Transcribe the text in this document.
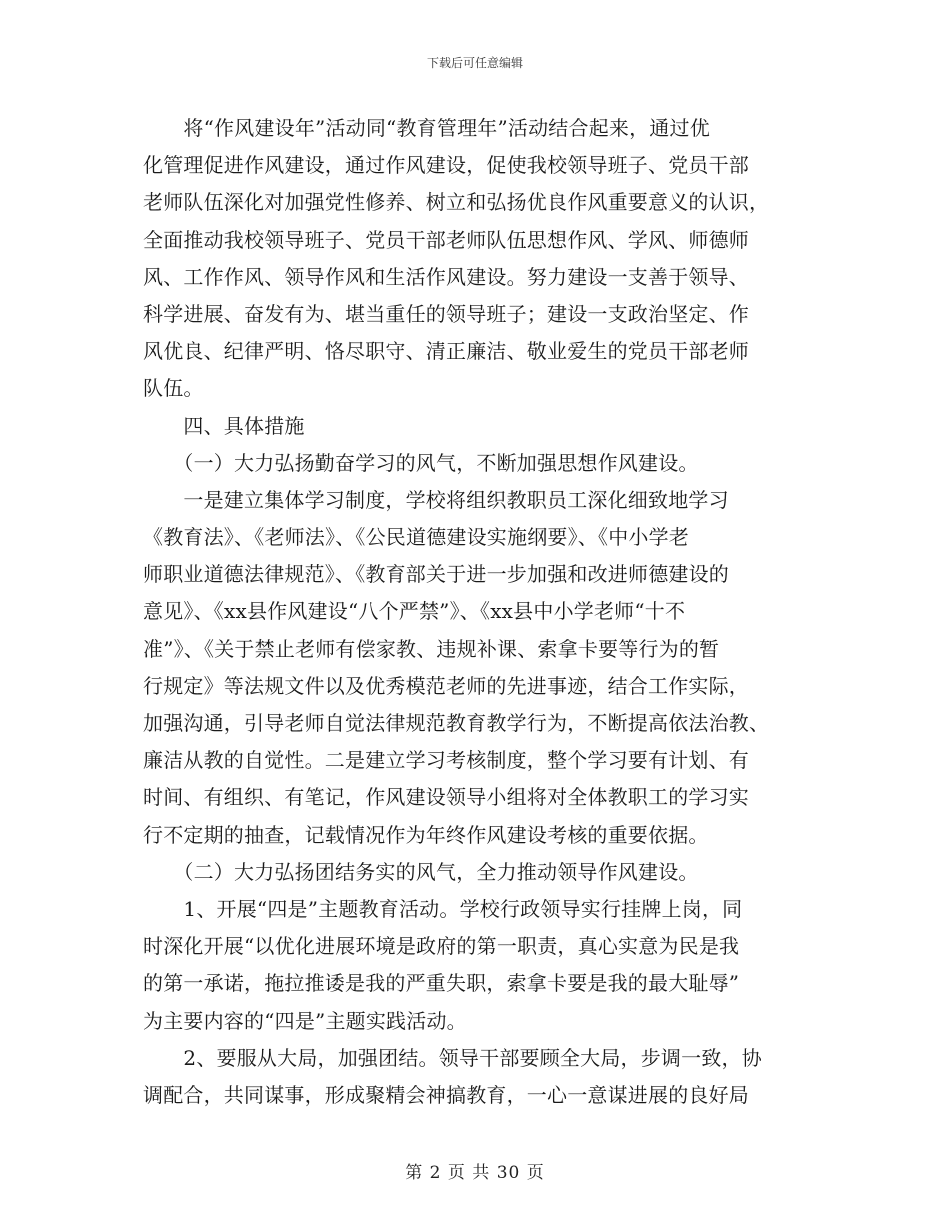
下载后可任意编辑
　　将“作风建设年”活动同“教育管理年”活动结合起来，通过优
化管理促进作风建设，通过作风建设，促使我校领导班子、党员干部
老师队伍深化对加强党性修养、树立和弘扬优良作风重要意义的认识，
全面推动我校领导班子、党员干部老师队伍思想作风、学风、师德师
风、工作作风、领导作风和生活作风建设。努力建设一支善于领导、
科学进展、奋发有为、堪当重任的领导班子；建设一支政治坚定、作
风优良、纪律严明、恪尽职守、清正廉洁、敬业爱生的党员干部老师
队伍。
　　四、具体措施
　　（一）大力弘扬勤奋学习的风气，不断加强思想作风建设。
　　一是建立集体学习制度，学校将组织教职员工深化细致地学习
《教育法》、《老师法》、《公民道德建设实施纲要》、《中小学老
师职业道德法律规范》、《教育部关于进一步加强和改进师德建设的
意见》、《xx县作风建设“八个严禁”》、《xx县中小学老师“十不
准”》、《关于禁止老师有偿家教、违规补课、索拿卡要等行为的暂
行规定》等法规文件以及优秀模范老师的先进事迹，结合工作实际，
加强沟通，引导老师自觉法律规范教育教学行为，不断提高依法治教、
廉洁从教的自觉性。二是建立学习考核制度，整个学习要有计划、有
时间、有组织、有笔记，作风建设领导小组将对全体教职工的学习实
行不定期的抽查，记载情况作为年终作风建设考核的重要依据。
　　（二）大力弘扬团结务实的风气，全力推动领导作风建设。
　　1、开展“四是”主题教育活动。学校行政领导实行挂牌上岗，同
时深化开展“以优化进展环境是政府的第一职责，真心实意为民是我
的第一承诺，拖拉推诿是我的严重失职，索拿卡要是我的最大耻辱”
为主要内容的“四是”主题实践活动。
　　2、要服从大局，加强团结。领导干部要顾全大局，步调一致，协
调配合，共同谋事，形成聚精会神搞教育，一心一意谋进展的良好局
第 2 页 共 30 页
